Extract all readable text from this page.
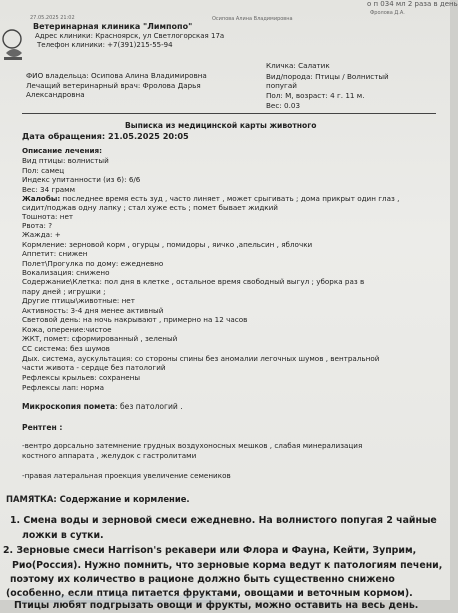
27.05.2025 21:02	Осипова Алина Владимировна
о п 034 мл 2 раза в день
Фролова Д.А.
Ветеринарная клиника "Лимпопо"
Адрес клиники: Красноярск, ул Светлогорская 17а
Телефон клиники: +7(391)215-55-94
ФИО владельца: Осипова Алина Владимировна
Лечащий ветеринарный врач: Фролова Дарья
Александровна
Кличка: Салатик
Вид/порода: Птицы / Волнистый
попугай
Пол: М, возраст: 4 г. 11 м.
Вес: 0.03
Выписка из медицинской карты животного
Дата обращения: 21.05.2025 20:05
Описание лечения:
Вид птицы: волнистый
Пол: самец
Индекс упитанности (из 6): 6/6
Вес: 34 грамм
Жалобы: последнее время есть зуд , часто линяет , может срыгивать ; дома прикрыт один глаз ,
сидит/поджав одну лапку ; стал хуже есть ; помет бывает жидкий
Тошнота: нет
Рвота: ?
Жажда: +
Кормление: зерновой корм , огурцы , помидоры , яичко ,апельсин , яблочки
Аппетит: снижен
Полет\Прогулка по дому: ежедневно
Вокализация: снижено
Содержание\Клетка: пол дня в клетке , остальное время свободный выгул ; уборка раз в
пару дней ; игрушки ;
Другие птицы\животные: нет
Активность: 3-4 дня менее активный
Световой день: на ночь накрывают , примерно на 12 часов
Кожа, оперение:чистое
ЖКТ, помет: сформированный , зеленый
СС система: без шумов
Дых. система, аускультация: со стороны спины без аномалии легочных шумов , вентральной
части живота - сердце без патологий
Рефлексы крыльев: сохранены
Рефлексы лап: норма
Микроскопия помета: без патологий .
Рентген :
-вентро дорсально затемнение грудных воздухоносных мешков , слабая минерализация
костного аппарата , желудок с гастролитами
-правая латеральная проекция увеличение семеников
ПАМЯТКА: Содержание и кормление.
1. Смена воды и зерновой смеси ежедневно. На волнистого попугая 2 чайные
ложки в сутки.
2. Зерновые смеси Harrison's рекавери или Флора и Фауна, Кейти, Зуприм,
Рио(Россия). Нужно помнить, что зерновые корма ведут к патологиям печени,
поэтому их количество в рационе должно быть существенно снижено
(особенно, если птица питается фруктами, овощами и веточным кормом).
Птицы любят подгрызать овощи и фрукты, можно оставить на весь день.
